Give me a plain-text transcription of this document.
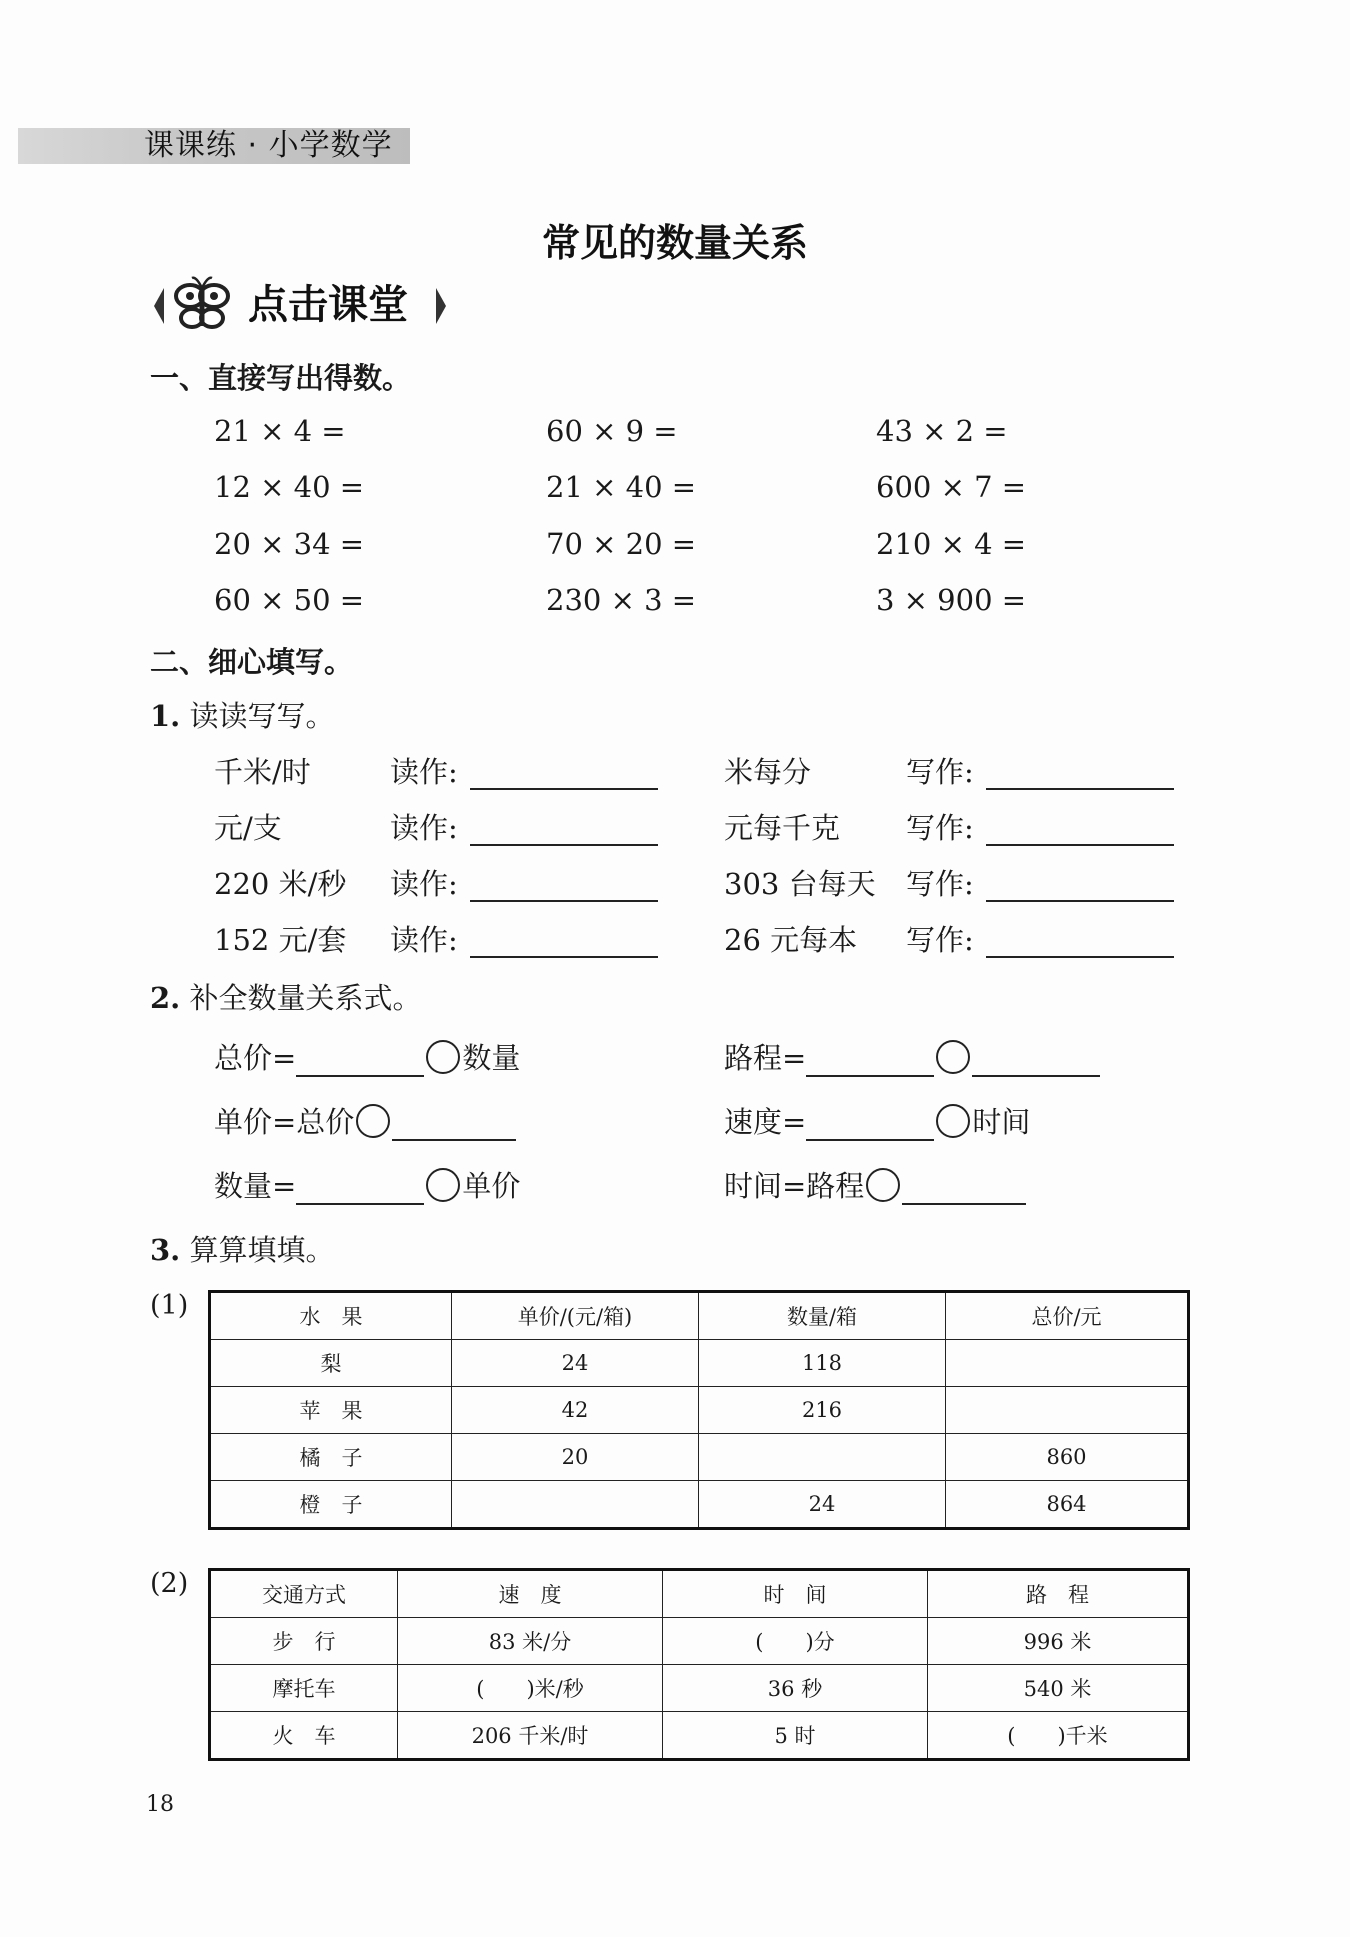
课课练 · 小学数学
常见的数量关系
点击课堂
一、直接写出得数。
21 × 4 =	60 × 9 =	43 × 2 =
12 × 40 =	21 × 40 =	600 × 7 =
20 × 34 =	70 × 20 =	210 × 4 =
60 × 50 =	230 × 3 =	3 × 900 =
二、细心填写。
1. 读读写写。
千米/时	读作:	米每分	写作:
元/支	读作:	元每千克 写作:
220 米/秒 读作:	303 台每天 写作:
152 元/套 读作:	26 元每本 写作:
2. 补全数量关系式。
总价=	数量	路程=
单价=总价	速度=	时间
数量=	单价	时间=路程
3. 算算填填。
(1)	水　果	单价/(元/箱)	数量/箱	总价/元
梨	24	118	
苹　果	42	216	
橘　子	20		860
橙　子		24	864
(2)	交通方式	速　度	时　间	路　程
步　行	83 米/分	(　　)分	996 米
摩托车	(　　)米/秒	36 秒	540 米
火　车	206 千米/时	5 时	(　　)千米
18
